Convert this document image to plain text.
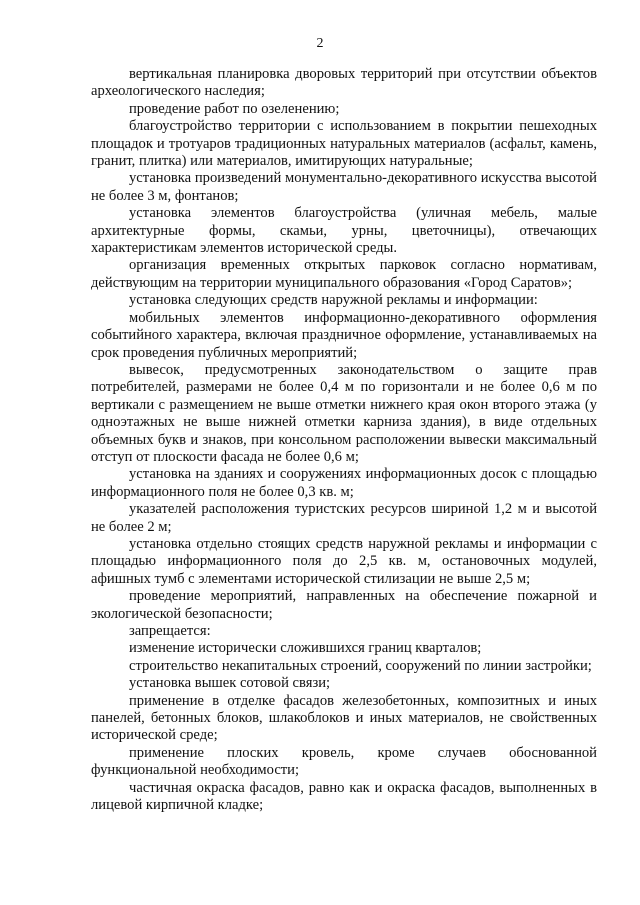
2

вертикальная планировка дворовых территорий при отсутствии объектов археологического наследия;

проведение работ по озеленению;

благоустройство территории с использованием в покрытии пешеходных площадок и тротуаров традиционных натуральных материалов (асфальт, камень, гранит, плитка) или материалов, имитирующих натуральные;

установка произведений монументально-декоративного искусства высотой не более 3 м, фонтанов;

установка элементов благоустройства (уличная мебель, малые архитектурные формы, скамьи, урны, цветочницы), отвечающих характеристикам элементов исторической среды.

организация временных открытых парковок согласно нормативам, действующим на территории муниципального образования «Город Саратов»;

установка следующих средств наружной рекламы и информации:

мобильных элементов информационно-декоративного оформления событийного характера, включая праздничное оформление, устанавливаемых на срок проведения публичных мероприятий;

вывесок, предусмотренных законодательством о защите прав потребителей, размерами не более 0,4 м по горизонтали и не более 0,6 м по вертикали с размещением не выше отметки нижнего края окон второго этажа (у одноэтажных не выше нижней отметки карниза здания), в виде отдельных объемных букв и знаков, при консольном расположении вывески максимальный отступ от плоскости фасада не более 0,6 м;

установка на зданиях и сооружениях информационных досок с площадью информационного поля не более 0,3 кв. м;

указателей расположения туристских ресурсов шириной 1,2 м и высотой не более 2 м;

установка отдельно стоящих средств наружной рекламы и информации с площадью информационного поля до 2,5 кв. м, остановочных модулей, афишных тумб с элементами исторической стилизации не выше 2,5 м;

проведение мероприятий, направленных на обеспечение пожарной и экологической безопасности;

запрещается:

изменение исторически сложившихся границ кварталов;

строительство некапитальных строений, сооружений по линии застройки;

установка вышек сотовой связи;

применение в отделке фасадов железобетонных, композитных и иных панелей, бетонных блоков, шлакоблоков и иных материалов, не свойственных исторической среде;

применение плоских кровель, кроме случаев обоснованной функциональной необходимости;

частичная окраска фасадов, равно как и окраска фасадов, выполненных в лицевой кирпичной кладке;
